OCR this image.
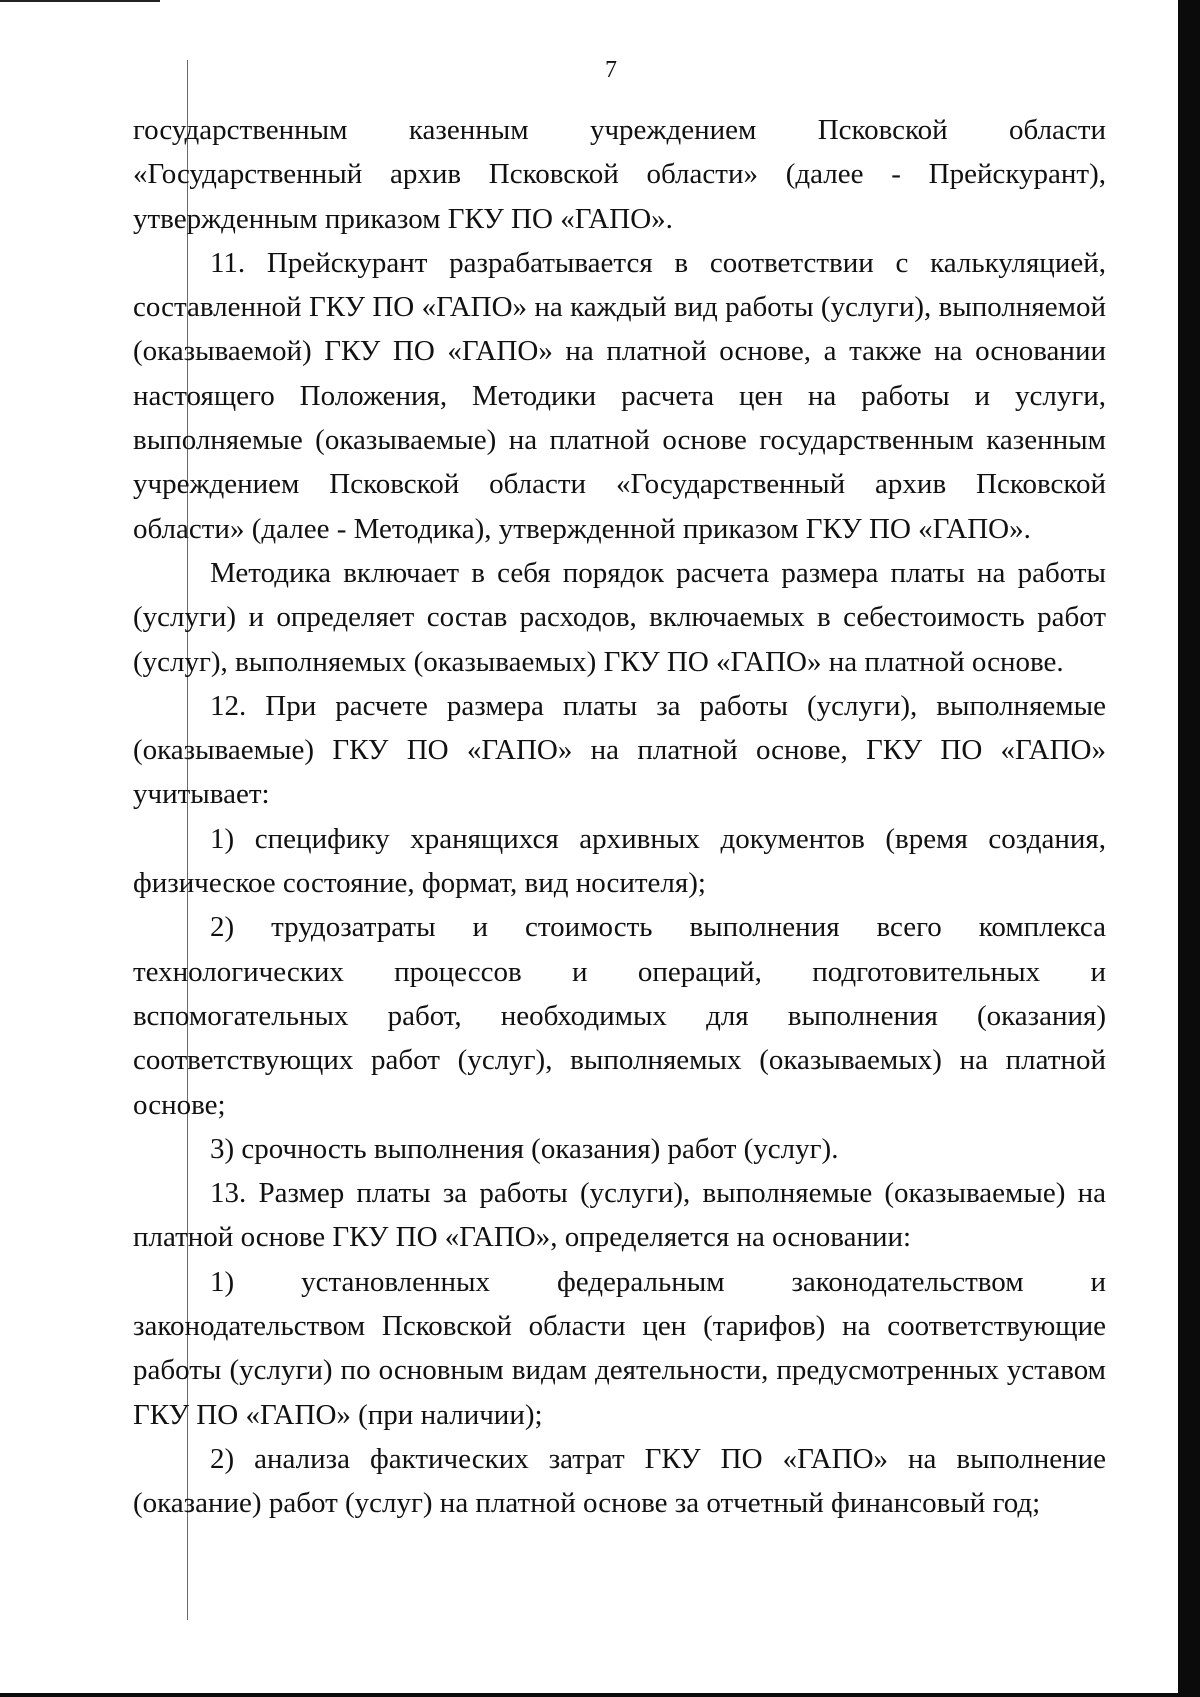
7

государственным казенным учреждением Псковской области «Государственный архив Псковской области» (далее - Прейскурант), утвержденным приказом ГКУ ПО «ГАПО».

11. Прейскурант разрабатывается в соответствии с калькуляцией, составленной ГКУ ПО «ГАПО» на каждый вид работы (услуги), выполняемой (оказываемой) ГКУ ПО «ГАПО» на платной основе, а также на основании настоящего Положения, Методики расчета цен на работы и услуги, выполняемые (оказываемые) на платной основе государственным казенным учреждением Псковской области «Государственный архив Псковской области» (далее - Методика), утвержденной приказом ГКУ ПО «ГАПО».

Методика включает в себя порядок расчета размера платы на работы (услуги) и определяет состав расходов, включаемых в себестоимость работ (услуг), выполняемых (оказываемых) ГКУ ПО «ГАПО» на платной основе.

12. При расчете размера платы за работы (услуги), выполняемые (оказываемые) ГКУ ПО «ГАПО» на платной основе, ГКУ ПО «ГАПО» учитывает:

1) специфику хранящихся архивных документов (время создания, физическое состояние, формат, вид носителя);

2) трудозатраты и стоимость выполнения всего комплекса технологических процессов и операций, подготовительных и вспомогательных работ, необходимых для выполнения (оказания) соответствующих работ (услуг), выполняемых (оказываемых) на платной основе;

3) срочность выполнения (оказания) работ (услуг).

13. Размер платы за работы (услуги), выполняемые (оказываемые) на платной основе ГКУ ПО «ГАПО», определяется на основании:

1) установленных федеральным законодательством и законодательством Псковской области цен (тарифов) на соответствующие работы (услуги) по основным видам деятельности, предусмотренных уставом ГКУ ПО «ГАПО» (при наличии);

2) анализа фактических затрат ГКУ ПО «ГАПО» на выполнение (оказание) работ (услуг) на платной основе за отчетный финансовый год;
